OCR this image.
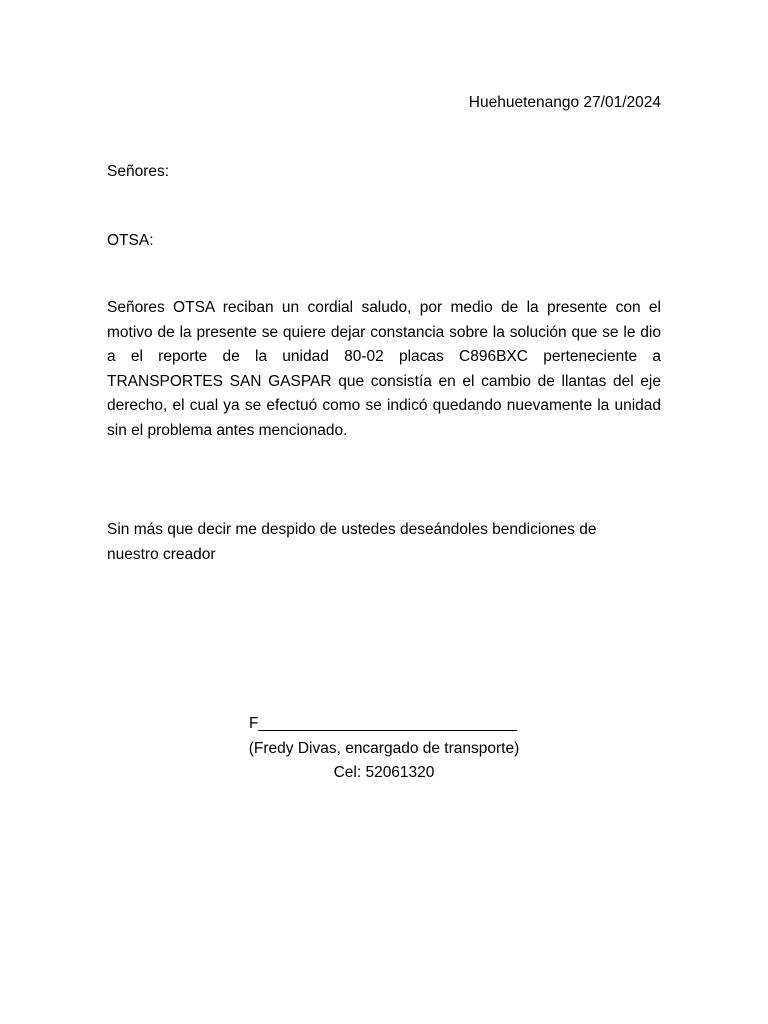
Huehuetenango 27/01/2024
Señores:
OTSA:

Señores OTSA reciban un cordial saludo, por medio de la presente con el motivo de la presente se quiere dejar constancia sobre la solución que se le dio a el reporte de la unidad 80-02 placas C896BXC perteneciente a TRANSPORTES SAN GASPAR que consistía en el cambio de llantas del eje derecho, el cual ya se efectuó como se indicó quedando nuevamente la unidad sin el problema antes mencionado.

Sin más que decir me despido de ustedes deseándoles bendiciones de nuestro creador

F______________________________
(Fredy Divas, encargado de transporte)
Cel: 52061320
